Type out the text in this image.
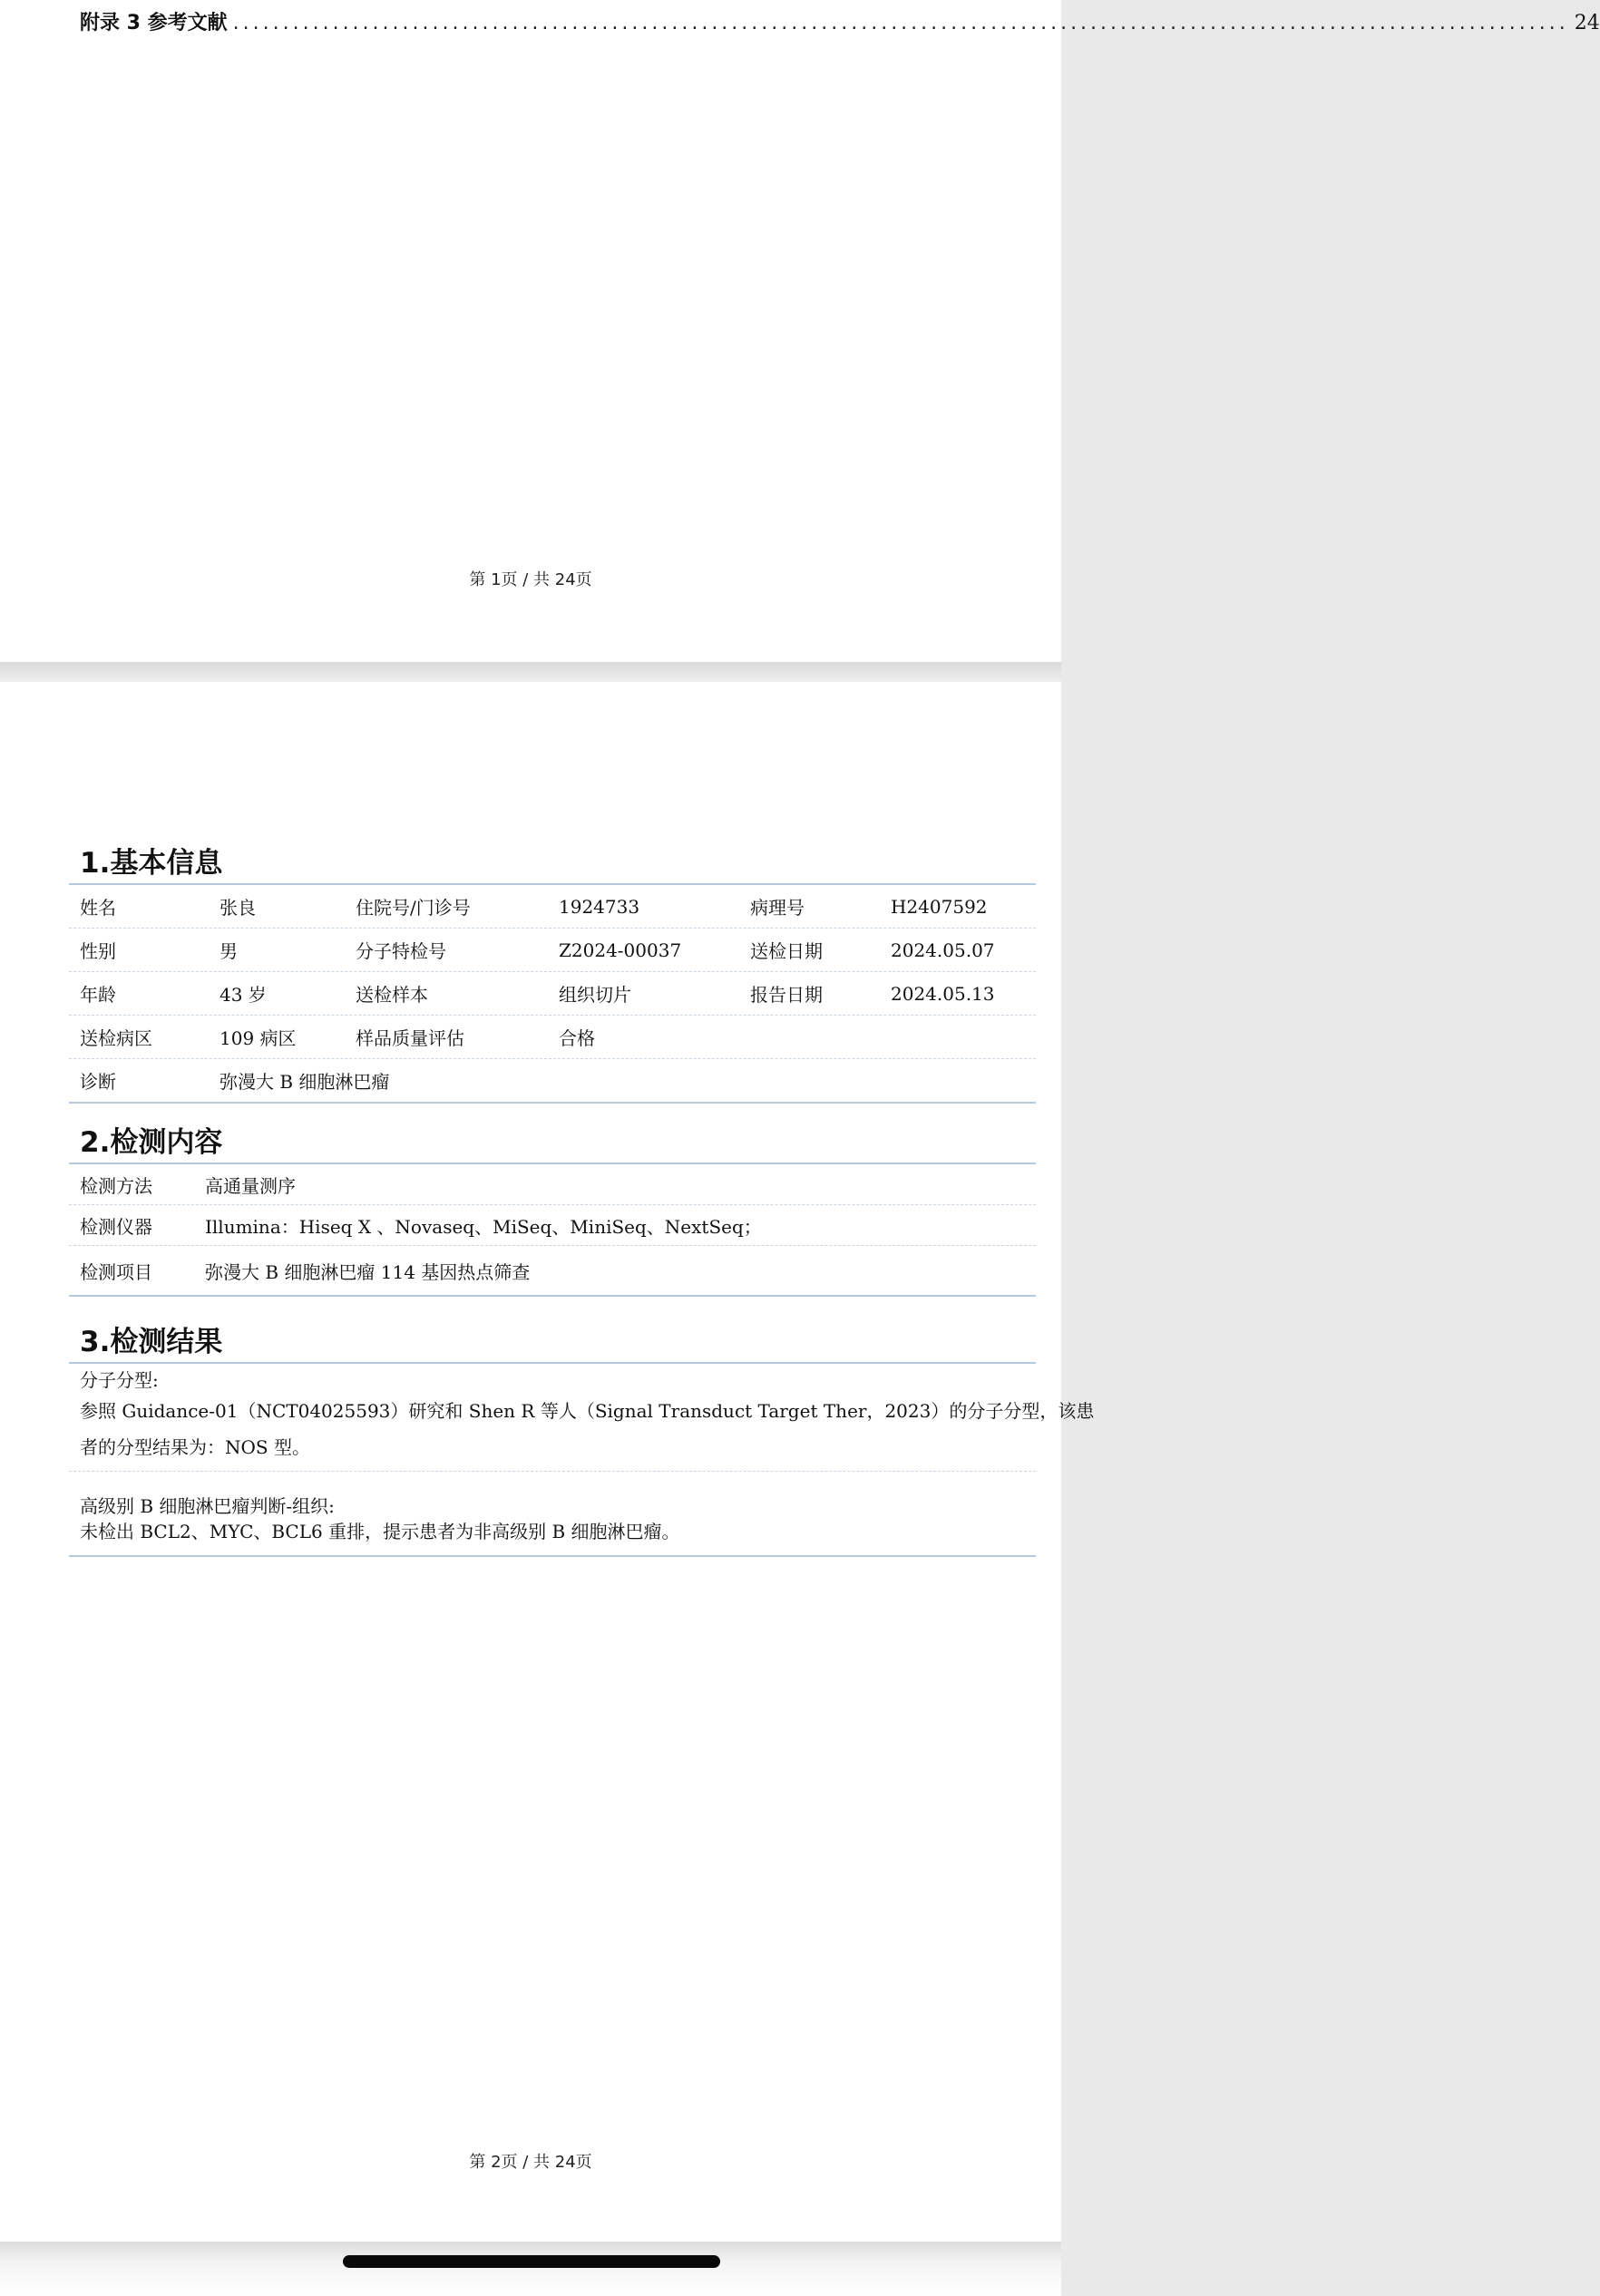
附录 3 参考文献 ...................................................................................................................................... 24
第 1页 / 共 24页
1.基本信息
姓名	张良	住院号/门诊号	1924733	病理号	H2407592
性别	男	分子特检号	Z2024-00037	送检日期	2024.05.07
年龄	43 岁	送检样本	组织切片	报告日期	2024.05.13
送检病区	109 病区	样品质量评估	合格
诊断	弥漫大 B 细胞淋巴瘤
2.检测内容
检测方法	高通量测序
检测仪器	Illumina：Hiseq X 、Novaseq、MiSeq、MiniSeq、NextSeq；
检测项目	弥漫大 B 细胞淋巴瘤 114 基因热点筛查
3.检测结果
分子分型:
参照 Guidance-01（NCT04025593）研究和 Shen R 等人（Signal Transduct Target Ther，2023）的分子分型，该患
者的分型结果为：NOS 型。
高级别 B 细胞淋巴瘤判断-组织:
未检出 BCL2、MYC、BCL6 重排，提示患者为非高级别 B 细胞淋巴瘤。
第 2页 / 共 24页
